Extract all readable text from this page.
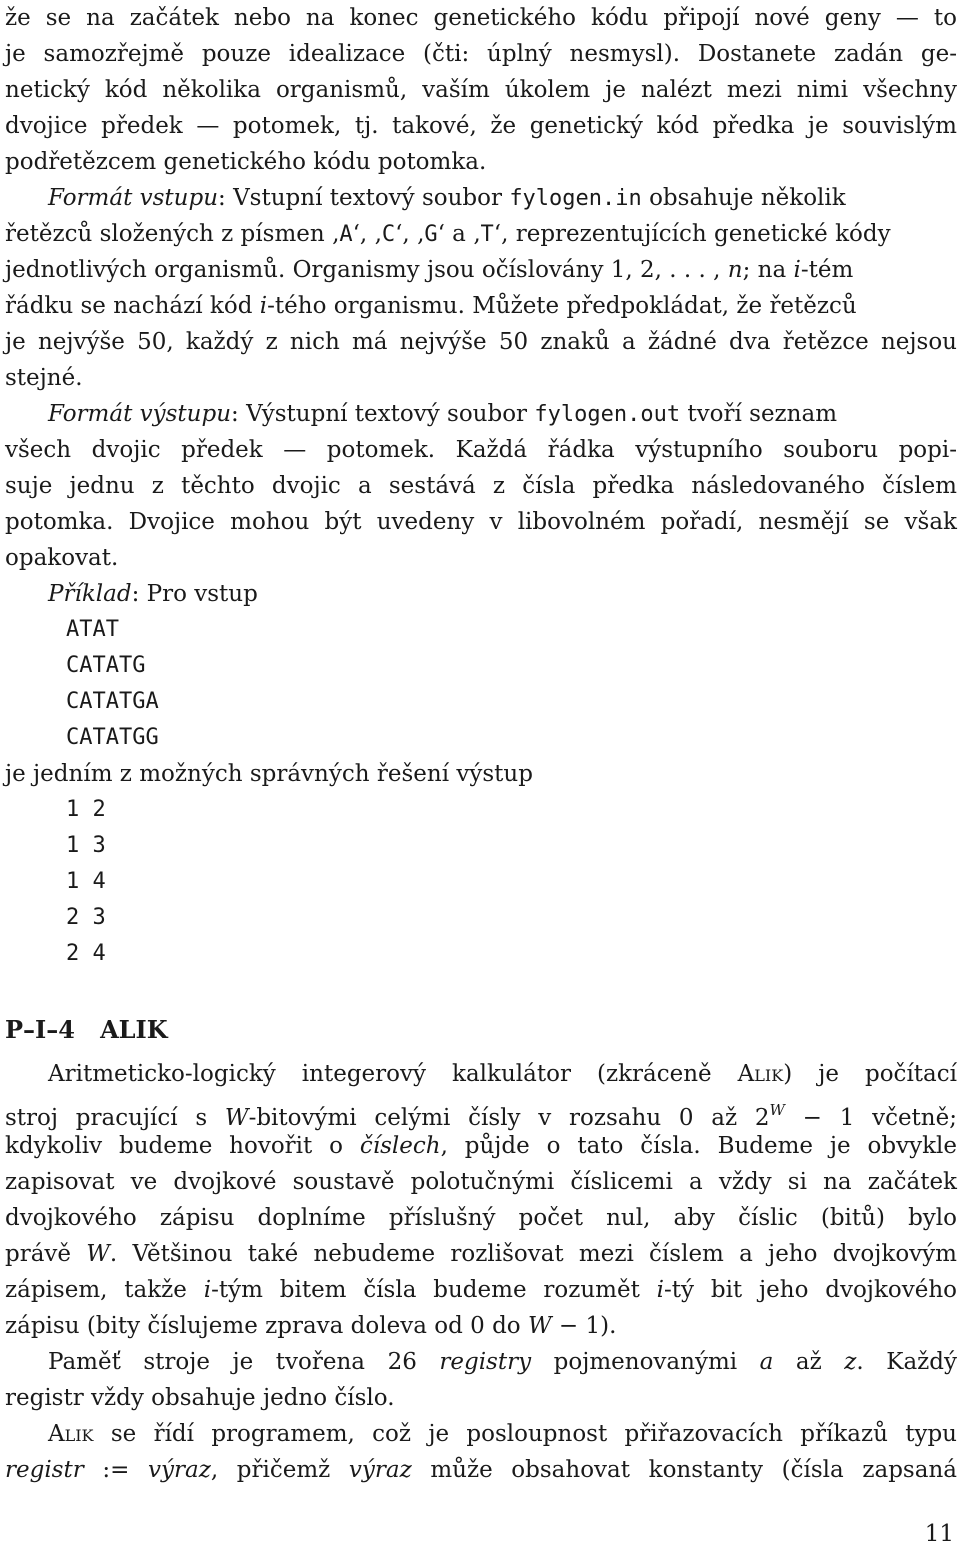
že se na začátek nebo na konec genetického kódu připojí nové geny — to
je samozřejmě pouze idealizace (čti: úplný nesmysl). Dostanete zadán ge-
netický kód několika organismů, vaším úkolem je nalézt mezi nimi všechny
dvojice předek — potomek, tj. takové, že genetický kód předka je souvislým
podřetězcem genetického kódu potomka.
Formát vstupu: Vstupní textový soubor fylogen.in obsahuje několik
řetězců složených z písmen ‚A‘, ‚C‘, ‚G‘ a ‚T‘, reprezentujících genetické kódy
jednotlivých organismů. Organismy jsou očíslovány 1, 2, . . . , n; na i-tém
řádku se nachází kód i-tého organismu. Můžete předpokládat, že řetězců
je nejvýše 50, každý z nich má nejvýše 50 znaků a žádné dva řetězce nejsou
stejné.
Formát výstupu: Výstupní textový soubor fylogen.out tvoří seznam
všech dvojic předek — potomek. Každá řádka výstupního souboru popi-
suje jednu z těchto dvojic a sestává z čísla předka následovaného číslem
potomka. Dvojice mohou být uvedeny v libovolném pořadí, nesmějí se však
opakovat.
Příklad: Pro vstup
ATAT
CATATG
CATATGA
CATATGG
je jedním z možných správných řešení výstup
1 2
1 3
1 4
2 3
2 4
P–I–4 ALIK
Aritmeticko-logický integerový kalkulátor (zkráceně Alik) je počítací
stroj pracující s W-bitovými celými čísly v rozsahu 0 až $2^W - 1$ včetně;
kdykoliv budeme hovořit o číslech, půjde o tato čísla. Budeme je obvykle
zapisovat ve dvojkové soustavě polotučnými číslicemi a vždy si na začátek
dvojkového zápisu doplníme příslušný počet nul, aby číslic (bitů) bylo
právě W. Většinou také nebudeme rozlišovat mezi číslem a jeho dvojkovým
zápisem, takže i-tým bitem čísla budeme rozumět i-tý bit jeho dvojkového
zápisu (bity číslujeme zprava doleva od 0 do W − 1).
Paměť stroje je tvořena 26 registry pojmenovanými a až z. Každý
registr vždy obsahuje jedno číslo.
Alik se řídí programem, což je posloupnost přiřazovacích příkazů typu
registr := výraz, přičemž výraz může obsahovat konstanty (čísla zapsaná
11
